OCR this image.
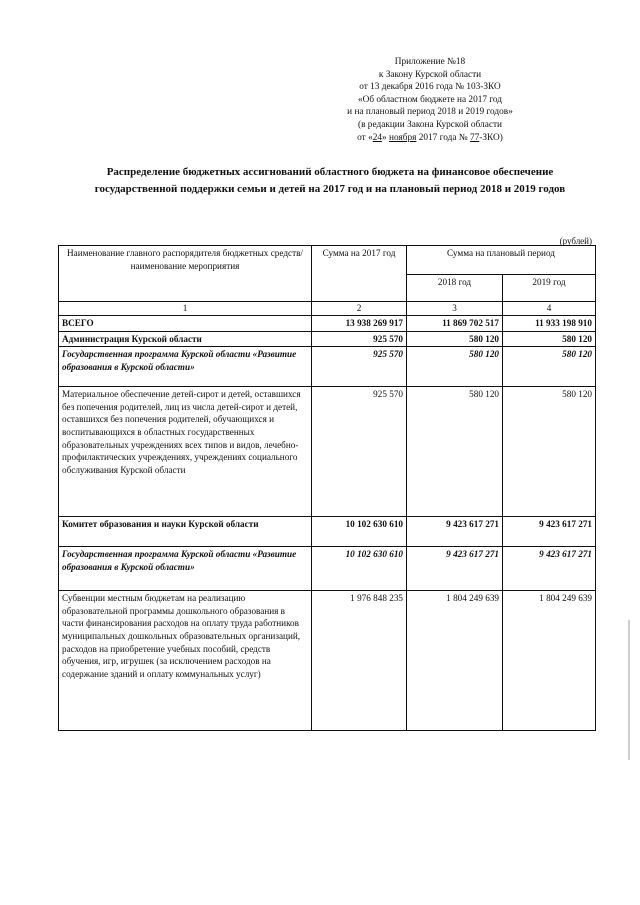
Приложение №18
к Закону Курской области
от 13 декабря 2016 года № 103-ЗКО
«Об областном бюджете на 2017 год
и на плановый период 2018 и 2019 годов»
(в редакции Закона Курской области
от «24» ноября 2017 года № 77-ЗКО)
Распределение бюджетных ассигнований областного бюджета на финансовое обеспечение
государственной поддержки семьи и детей на 2017 год и на плановый период 2018 и 2019 годов
(рублей)
Наименование главного распорядителя бюджетных средств/наименование мероприятия	Сумма на 2017 год	Сумма на плановый период	
		2018 год	2019 год
1	2	3	4
ВСЕГО	13 938 269 917	11 869 702 517	11 933 198 910
Администрация Курской области	925 570	580 120	580 120
Государственная программа Курской области «Развитие образования в Курской области»	925 570	580 120	580 120
Материальное обеспечение детей-сирот и детей, оставшихся без попечения родителей, лиц из числа детей-сирот и детей, оставшихся без попечения родителей, обучающихся и воспитывающихся в областных государственных образовательных учреждениях всех типов и видов, лечебно-профилактических учреждениях, учреждениях социального обслуживания Курской области	925 570	580 120	580 120
Комитет образования и науки Курской области	10 102 630 610	9 423 617 271	9 423 617 271
Государственная программа Курской области «Развитие образования в Курской области»	10 102 630 610	9 423 617 271	9 423 617 271
Субвенции местным бюджетам на реализацию образовательной программы дошкольного образования в части финансирования расходов на оплату труда работников муниципальных дошкольных образовательных организаций, расходов на приобретение учебных пособий, средств обучения, игр, игрушек (за исключением расходов на содержание зданий и оплату коммунальных услуг)	1 976 848 235	1 804 249 639	1 804 249 639
